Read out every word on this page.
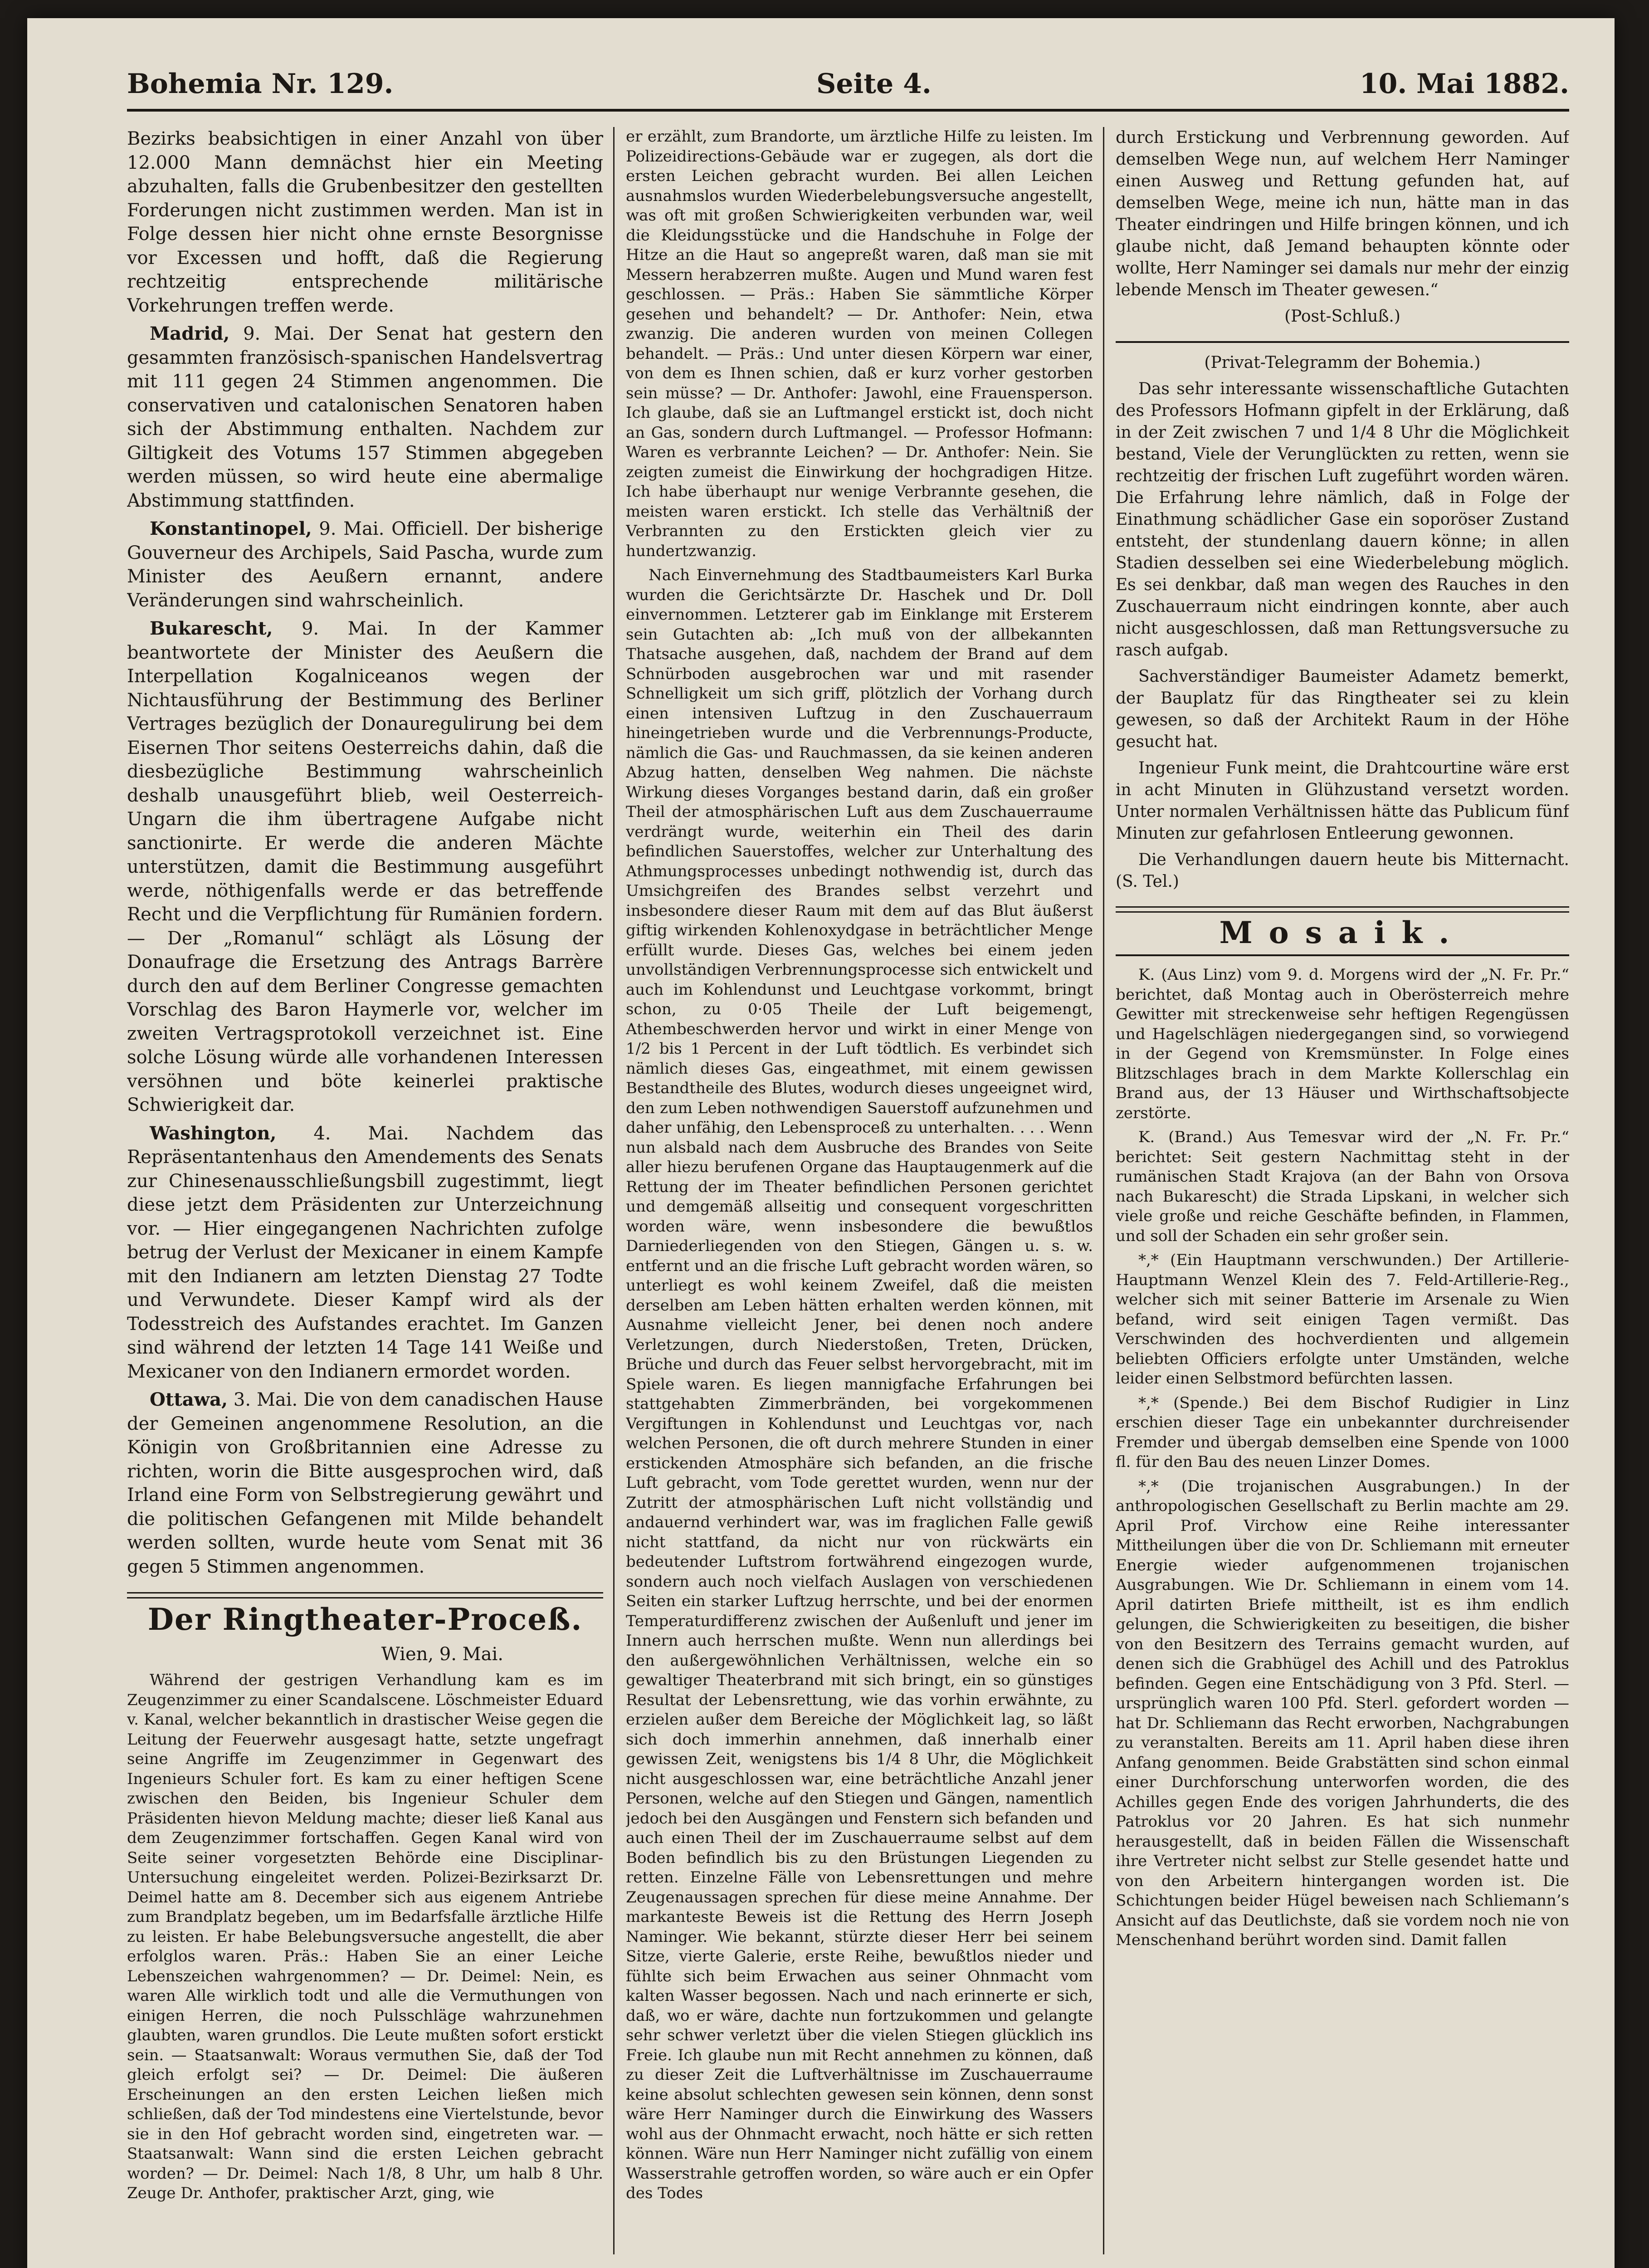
Bohemia Nr. 129.	Seite 4.	10. Mai 1882.

Bezirks beabsichtigen in einer Anzahl von über 12.000 Mann demnächst hier ein Meeting abzuhalten, falls die Grubenbesitzer den gestellten Forderungen nicht zustimmen werden. Man ist in Folge dessen hier nicht ohne ernste Besorgnisse vor Excessen und hofft, daß die Regierung rechtzeitig entsprechende militärische Vorkehrungen treffen werde.

Madrid, 9. Mai. Der Senat hat gestern den gesammten französisch-spanischen Handelsvertrag mit 111 gegen 24 Stimmen angenommen. Die conservativen und catalonischen Senatoren haben sich der Abstimmung enthalten. Nachdem zur Giltigkeit des Votums 157 Stimmen abgegeben werden müssen, so wird heute eine abermalige Abstimmung stattfinden.

Konstantinopel, 9. Mai. Officiell. Der bisherige Gouverneur des Archipels, Said Pascha, wurde zum Minister des Aeußern ernannt, andere Veränderungen sind wahrscheinlich.

Bukarescht, 9. Mai. In der Kammer beantwortete der Minister des Aeußern die Interpellation Kogalniceanos wegen der Nichtausführung der Bestimmung des Berliner Vertrages bezüglich der Donauregulirung bei dem Eisernen Thor seitens Oesterreichs dahin, daß die diesbezügliche Bestimmung wahrscheinlich deshalb unausgeführt blieb, weil Oesterreich-Ungarn die ihm übertragene Aufgabe nicht sanctionirte. Er werde die anderen Mächte unterstützen, damit die Bestimmung ausgeführt werde, nöthigenfalls werde er das betreffende Recht und die Verpflichtung für Rumänien fordern. — Der „Romanul“ schlägt als Lösung der Donaufrage die Ersetzung des Antrags Barrère durch den auf dem Berliner Congresse gemachten Vorschlag des Baron Haymerle vor, welcher im zweiten Vertragsprotokoll verzeichnet ist. Eine solche Lösung würde alle vorhandenen Interessen versöhnen und böte keinerlei praktische Schwierigkeit dar.

Washington, 4. Mai. Nachdem das Repräsentantenhaus den Amendements des Senats zur Chinesenausschließungsbill zugestimmt, liegt diese jetzt dem Präsidenten zur Unterzeichnung vor. — Hier eingegangenen Nachrichten zufolge betrug der Verlust der Mexicaner in einem Kampfe mit den Indianern am letzten Dienstag 27 Todte und Verwundete. Dieser Kampf wird als der Todesstreich des Aufstandes erachtet. Im Ganzen sind während der letzten 14 Tage 141 Weiße und Mexicaner von den Indianern ermordet worden.

Ottawa, 3. Mai. Die von dem canadischen Hause der Gemeinen angenommene Resolution, an die Königin von Großbritannien eine Adresse zu richten, worin die Bitte ausgesprochen wird, daß Irland eine Form von Selbstregierung gewährt und die politischen Gefangenen mit Milde behandelt werden sollten, wurde heute vom Senat mit 36 gegen 5 Stimmen angenommen.

Der Ringtheater-Proceß.

Wien, 9. Mai.

Während der gestrigen Verhandlung kam es im Zeugenzimmer zu einer Scandalscene. Löschmeister Eduard v. Kanal, welcher bekanntlich in drastischer Weise gegen die Leitung der Feuerwehr ausgesagt hatte, setzte ungefragt seine Angriffe im Zeugenzimmer in Gegenwart des Ingenieurs Schuler fort. Es kam zu einer heftigen Scene zwischen den Beiden, bis Ingenieur Schuler dem Präsidenten hievon Meldung machte; dieser ließ Kanal aus dem Zeugenzimmer fortschaffen. Gegen Kanal wird von Seite seiner vorgesetzten Behörde eine Disciplinar-Untersuchung eingeleitet werden. Polizei-Bezirksarzt Dr. Deimel hatte am 8. December sich aus eigenem Antriebe zum Brandplatz begeben, um im Bedarfsfalle ärztliche Hilfe zu leisten. Er habe Belebungsversuche angestellt, die aber erfolglos waren. Präs.: Haben Sie an einer Leiche Lebenszeichen wahrgenommen? — Dr. Deimel: Nein, es waren Alle wirklich todt und alle die Vermuthungen von einigen Herren, die noch Pulsschläge wahrzunehmen glaubten, waren grundlos. Die Leute mußten sofort erstickt sein. — Staatsanwalt: Woraus vermuthen Sie, daß der Tod gleich erfolgt sei? — Dr. Deimel: Die äußeren Erscheinungen an den ersten Leichen ließen mich schließen, daß der Tod mindestens eine Viertelstunde, bevor sie in den Hof gebracht worden sind, eingetreten war. — Staatsanwalt: Wann sind die ersten Leichen gebracht worden? — Dr. Deimel: Nach 1/8, 8 Uhr, um halb 8 Uhr. Zeuge Dr. Anthofer, praktischer Arzt, ging, wie

er erzählt, zum Brandorte, um ärztliche Hilfe zu leisten. Im Polizeidirections-Gebäude war er zugegen, als dort die ersten Leichen gebracht wurden. Bei allen Leichen ausnahmslos wurden Wiederbelebungsversuche angestellt, was oft mit großen Schwierigkeiten verbunden war, weil die Kleidungsstücke und die Handschuhe in Folge der Hitze an die Haut so angepreßt waren, daß man sie mit Messern herabzerren mußte. Augen und Mund waren fest geschlossen. — Präs.: Haben Sie sämmtliche Körper gesehen und behandelt? — Dr. Anthofer: Nein, etwa zwanzig. Die anderen wurden von meinen Collegen behandelt. — Präs.: Und unter diesen Körpern war einer, von dem es Ihnen schien, daß er kurz vorher gestorben sein müsse? — Dr. Anthofer: Jawohl, eine Frauensperson. Ich glaube, daß sie an Luftmangel erstickt ist, doch nicht an Gas, sondern durch Luftmangel. — Professor Hofmann: Waren es verbrannte Leichen? — Dr. Anthofer: Nein. Sie zeigten zumeist die Einwirkung der hochgradigen Hitze. Ich habe überhaupt nur wenige Verbrannte gesehen, die meisten waren erstickt. Ich stelle das Verhältniß der Verbrannten zu den Erstickten gleich vier zu hundertzwanzig.

Nach Einvernehmung des Stadtbaumeisters Karl Burka wurden die Gerichtsärzte Dr. Haschek und Dr. Doll einvernommen. Letzterer gab im Einklange mit Ersterem sein Gutachten ab: „Ich muß von der allbekannten Thatsache ausgehen, daß, nachdem der Brand auf dem Schnürboden ausgebrochen war und mit rasender Schnelligkeit um sich griff, plötzlich der Vorhang durch einen intensiven Luftzug in den Zuschauerraum hineingetrieben wurde und die Verbrennungs-Producte, nämlich die Gas- und Rauchmassen, da sie keinen anderen Abzug hatten, denselben Weg nahmen. Die nächste Wirkung dieses Vorganges bestand darin, daß ein großer Theil der atmosphärischen Luft aus dem Zuschauerraume verdrängt wurde, weiterhin ein Theil des darin befindlichen Sauerstoffes, welcher zur Unterhaltung des Athmungsprocesses unbedingt nothwendig ist, durch das Umsichgreifen des Brandes selbst verzehrt und insbesondere dieser Raum mit dem auf das Blut äußerst giftig wirkenden Kohlenoxydgase in beträchtlicher Menge erfüllt wurde. Dieses Gas, welches bei einem jeden unvollständigen Verbrennungsprocesse sich entwickelt und auch im Kohlendunst und Leuchtgase vorkommt, bringt schon, zu 0·05 Theile der Luft beigemengt, Athembeschwerden hervor und wirkt in einer Menge von 1/2 bis 1 Percent in der Luft tödtlich. Es verbindet sich nämlich dieses Gas, eingeathmet, mit einem gewissen Bestandtheile des Blutes, wodurch dieses ungeeignet wird, den zum Leben nothwendigen Sauerstoff aufzunehmen und daher unfähig, den Lebensproceß zu unterhalten. . . . Wenn nun alsbald nach dem Ausbruche des Brandes von Seite aller hiezu berufenen Organe das Hauptaugenmerk auf die Rettung der im Theater befindlichen Personen gerichtet und demgemäß allseitig und consequent vorgeschritten worden wäre, wenn insbesondere die bewußtlos Darniederliegenden von den Stiegen, Gängen u. s. w. entfernt und an die frische Luft gebracht worden wären, so unterliegt es wohl keinem Zweifel, daß die meisten derselben am Leben hätten erhalten werden können, mit Ausnahme vielleicht Jener, bei denen noch andere Verletzungen, durch Niederstoßen, Treten, Drücken, Brüche und durch das Feuer selbst hervorgebracht, mit im Spiele waren. Es liegen mannigfache Erfahrungen bei stattgehabten Zimmerbränden, bei vorgekommenen Vergiftungen in Kohlendunst und Leuchtgas vor, nach welchen Personen, die oft durch mehrere Stunden in einer erstickenden Atmosphäre sich befanden, an die frische Luft gebracht, vom Tode gerettet wurden, wenn nur der Zutritt der atmosphärischen Luft nicht vollständig und andauernd verhindert war, was im fraglichen Falle gewiß nicht stattfand, da nicht nur von rückwärts ein bedeutender Luftstrom fortwährend eingezogen wurde, sondern auch noch vielfach Auslagen von verschiedenen Seiten ein starker Luftzug herrschte, und bei der enormen Temperaturdifferenz zwischen der Außenluft und jener im Innern auch herrschen mußte. Wenn nun allerdings bei den außergewöhnlichen Verhältnissen, welche ein so gewaltiger Theaterbrand mit sich bringt, ein so günstiges Resultat der Lebensrettung, wie das vorhin erwähnte, zu erzielen außer dem Bereiche der Möglichkeit lag, so läßt sich doch immerhin annehmen, daß innerhalb einer gewissen Zeit, wenigstens bis 1/4 8 Uhr, die Möglichkeit nicht ausgeschlossen war, eine beträchtliche Anzahl jener Personen, welche auf den Stiegen und Gängen, namentlich jedoch bei den Ausgängen und Fenstern sich befanden und auch einen Theil der im Zuschauerraume selbst auf dem Boden befindlich bis zu den Brüstungen Liegenden zu retten. Einzelne Fälle von Lebensrettungen und mehre Zeugenaussagen sprechen für diese meine Annahme. Der markanteste Beweis ist die Rettung des Herrn Joseph Naminger. Wie bekannt, stürzte dieser Herr bei seinem Sitze, vierte Galerie, erste Reihe, bewußtlos nieder und fühlte sich beim Erwachen aus seiner Ohnmacht vom kalten Wasser begossen. Nach und nach erinnerte er sich, daß, wo er wäre, dachte nun fortzukommen und gelangte sehr schwer verletzt über die vielen Stiegen glücklich ins Freie. Ich glaube nun mit Recht annehmen zu können, daß zu dieser Zeit die Luftverhältnisse im Zuschauerraume keine absolut schlechten gewesen sein können, denn sonst wäre Herr Naminger durch die Einwirkung des Wassers wohl aus der Ohnmacht erwacht, noch hätte er sich retten können. Wäre nun Herr Naminger nicht zufällig von einem Wasserstrahle getroffen worden, so wäre auch er ein Opfer des Todes

durch Erstickung und Verbrennung geworden. Auf demselben Wege nun, auf welchem Herr Naminger einen Ausweg und Rettung gefunden hat, auf demselben Wege, meine ich nun, hätte man in das Theater eindringen und Hilfe bringen können, und ich glaube nicht, daß Jemand behaupten könnte oder wollte, Herr Naminger sei damals nur mehr der einzig lebende Mensch im Theater gewesen.“

(Post-Schluß.)

(Privat-Telegramm der Bohemia.)

Das sehr interessante wissenschaftliche Gutachten des Professors Hofmann gipfelt in der Erklärung, daß in der Zeit zwischen 7 und 1/4 8 Uhr die Möglichkeit bestand, Viele der Verunglückten zu retten, wenn sie rechtzeitig der frischen Luft zugeführt worden wären. Die Erfahrung lehre nämlich, daß in Folge der Einathmung schädlicher Gase ein soporöser Zustand entsteht, der stundenlang dauern könne; in allen Stadien desselben sei eine Wiederbelebung möglich. Es sei denkbar, daß man wegen des Rauches in den Zuschauerraum nicht eindringen konnte, aber auch nicht ausgeschlossen, daß man Rettungsversuche zu rasch aufgab.

Sachverständiger Baumeister Adametz bemerkt, der Bauplatz für das Ringtheater sei zu klein gewesen, so daß der Architekt Raum in der Höhe gesucht hat.

Ingenieur Funk meint, die Drahtcourtine wäre erst in acht Minuten in Glühzustand versetzt worden. Unter normalen Verhältnissen hätte das Publicum fünf Minuten zur gefahrlosen Entleerung gewonnen.

Die Verhandlungen dauern heute bis Mitternacht. (S. Tel.)

Mosaik.

K. (Aus Linz) vom 9. d. Morgens wird der „N. Fr. Pr.“ berichtet, daß Montag auch in Oberösterreich mehre Gewitter mit streckenweise sehr heftigen Regengüssen und Hagelschlägen niedergegangen sind, so vorwiegend in der Gegend von Kremsmünster. In Folge eines Blitzschlages brach in dem Markte Kollerschlag ein Brand aus, der 13 Häuser und Wirthschaftsobjecte zerstörte.

K. (Brand.) Aus Temesvar wird der „N. Fr. Pr.“ berichtet: Seit gestern Nachmittag steht in der rumänischen Stadt Krajova (an der Bahn von Orsova nach Bukarescht) die Strada Lipskani, in welcher sich viele große und reiche Geschäfte befinden, in Flammen, und soll der Schaden ein sehr großer sein.

*,* (Ein Hauptmann verschwunden.) Der Artillerie-Hauptmann Wenzel Klein des 7. Feld-Artillerie-Reg., welcher sich mit seiner Batterie im Arsenale zu Wien befand, wird seit einigen Tagen vermißt. Das Verschwinden des hochverdienten und allgemein beliebten Officiers erfolgte unter Umständen, welche leider einen Selbstmord befürchten lassen.

*,* (Spende.) Bei dem Bischof Rudigier in Linz erschien dieser Tage ein unbekannter durchreisender Fremder und übergab demselben eine Spende von 1000 fl. für den Bau des neuen Linzer Domes.

*,* (Die trojanischen Ausgrabungen.) In der anthropologischen Gesellschaft zu Berlin machte am 29. April Prof. Virchow eine Reihe interessanter Mittheilungen über die von Dr. Schliemann mit erneuter Energie wieder aufgenommenen trojanischen Ausgrabungen. Wie Dr. Schliemann in einem vom 14. April datirten Briefe mittheilt, ist es ihm endlich gelungen, die Schwierigkeiten zu beseitigen, die bisher von den Besitzern des Terrains gemacht wurden, auf denen sich die Grabhügel des Achill und des Patroklus befinden. Gegen eine Entschädigung von 3 Pfd. Sterl. — ursprünglich waren 100 Pfd. Sterl. gefordert worden — hat Dr. Schliemann das Recht erworben, Nachgrabungen zu veranstalten. Bereits am 11. April haben diese ihren Anfang genommen. Beide Grabstätten sind schon einmal einer Durchforschung unterworfen worden, die des Achilles gegen Ende des vorigen Jahrhunderts, die des Patroklus vor 20 Jahren. Es hat sich nunmehr herausgestellt, daß in beiden Fällen die Wissenschaft ihre Vertreter nicht selbst zur Stelle gesendet hatte und von den Arbeitern hintergangen worden ist. Die Schichtungen beider Hügel beweisen nach Schliemann’s Ansicht auf das Deutlichste, daß sie vordem noch nie von Menschenhand berührt worden sind. Damit fallen
